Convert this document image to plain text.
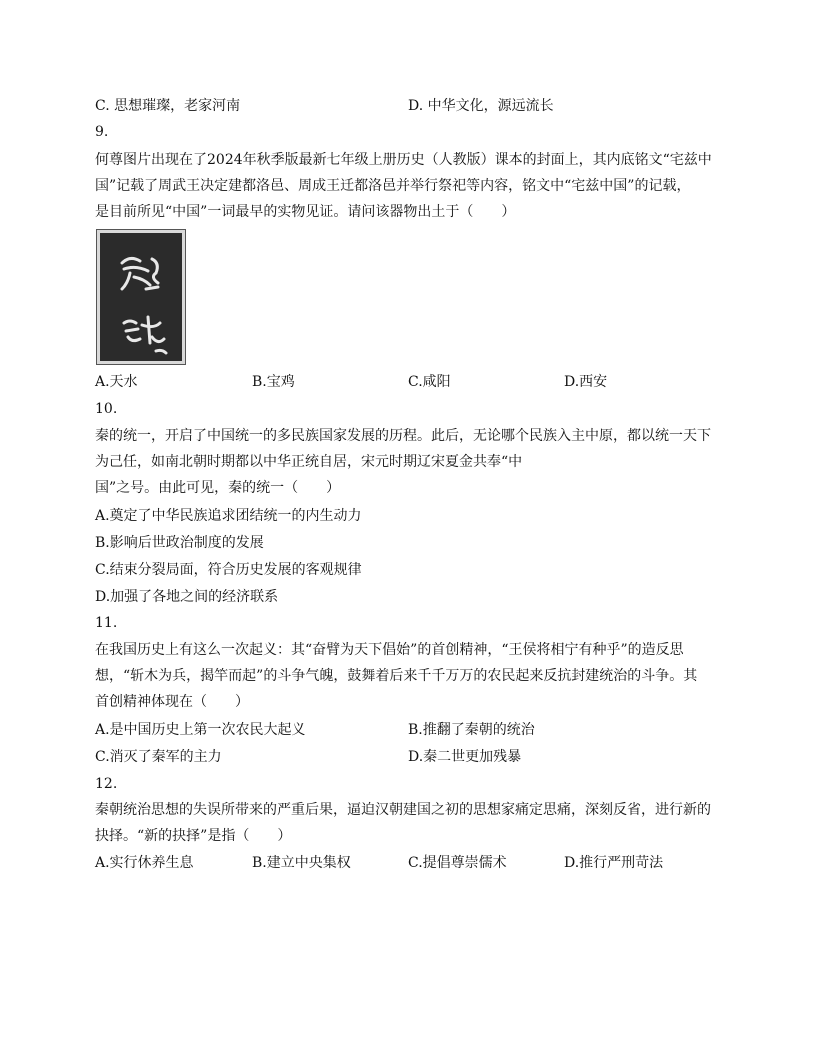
C. 思想璀璨，老家河南	D. 中华文化，源远流长
9.
何尊图片出现在了2024年秋季版最新七年级上册历史（人教版）课本的封面上，其内底铭文“宅兹中
国”记载了周武王决定建都洛邑、周成王迁都洛邑并举行祭祀等内容，铭文中“宅兹中国”的记载，
是目前所见“中国”一词最早的实物见证。请问该器物出土于（　　）
A.天水	B.宝鸡	C.咸阳	D.西安
10.
秦的统一，开启了中国统一的多民族国家发展的历程。此后，无论哪个民族入主中原，都以统一天下
为己任，如南北朝时期都以中华正统自居，宋元时期辽宋夏金共奉“中
国”之号。由此可见，秦的统一（　　）
A.奠定了中华民族追求团结统一的内生动力
B.影响后世政治制度的发展
C.结束分裂局面，符合历史发展的客观规律
D.加强了各地之间的经济联系
11.
在我国历史上有这么一次起义：其“奋臂为天下倡始”的首创精神，“王侯将相宁有种乎”的造反思
想，“斩木为兵，揭竿而起”的斗争气魄，鼓舞着后来千千万万的农民起来反抗封建统治的斗争。其
首创精神体现在（　　）
A.是中国历史上第一次农民大起义	B.推翻了秦朝的统治
C.消灭了秦军的主力	D.秦二世更加残暴
12.
秦朝统治思想的失误所带来的严重后果，逼迫汉朝建国之初的思想家痛定思痛，深刻反省，进行新的
抉择。“新的抉择”是指（　　）
A.实行休养生息	B.建立中央集权	C.提倡尊崇儒术	D.推行严刑苛法
